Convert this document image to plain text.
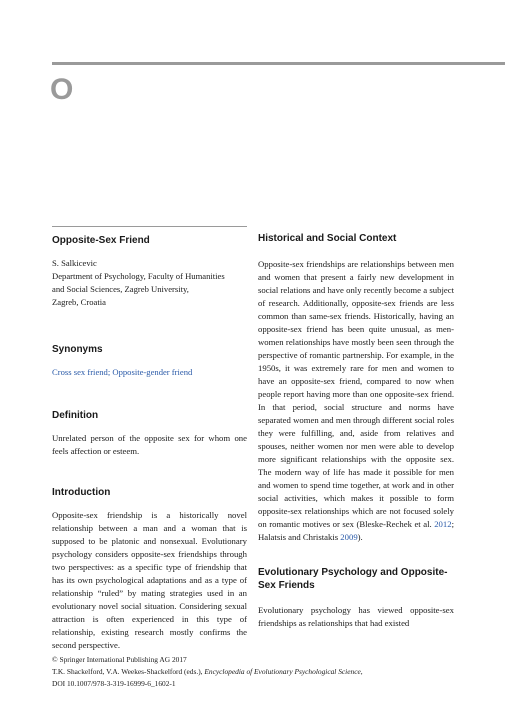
O
Opposite-Sex Friend
S. Salkicevic
Department of Psychology, Faculty of Humanities
and Social Sciences, Zagreb University,
Zagreb, Croatia
Synonyms
Cross sex friend; Opposite-gender friend
Definition

Unrelated person of the opposite sex for whom one feels affection or esteem.

Introduction

Opposite-sex friendship is a historically novel relationship between a man and a woman that is supposed to be platonic and nonsexual. Evolutionary psychology considers opposite-sex friendships through two perspectives: as a specific type of friendship that has its own psychological adaptations and as a type of relationship “ruled” by mating strategies used in an evolutionary novel social situation. Considering sexual attraction is often experienced in this type of relationship, existing research mostly confirms the second perspective.

Historical and Social Context

Opposite-sex friendships are relationships between men and women that present a fairly new development in social relations and have only recently become a subject of research. Additionally, opposite-sex friends are less common than same-sex friends. Historically, having an opposite-sex friend has been quite unusual, as men-women relationships have mostly been seen through the perspective of romantic partnership. For example, in the 1950s, it was extremely rare for men and women to have an opposite-sex friend, compared to now when people report having more than one opposite-sex friend. In that period, social structure and norms have separated women and men through different social roles they were fulfilling, and, aside from relatives and spouses, neither women nor men were able to develop more significant relationships with the opposite sex. The modern way of life has made it possible for men and women to spend time together, at work and in other social activities, which makes it possible to form opposite-sex relationships which are not focused solely on romantic motives or sex (Bleske-Rechek et al. 2012; Halatsis and Christakis 2009).

Evolutionary Psychology and Opposite-Sex Friends

Evolutionary psychology has viewed opposite-sex friendships as relationships that had existed

© Springer International Publishing AG 2017
T.K. Shackelford, V.A. Weekes-Shackelford (eds.), Encyclopedia of Evolutionary Psychological Science,
DOI 10.1007/978-3-319-16999-6_1602-1
